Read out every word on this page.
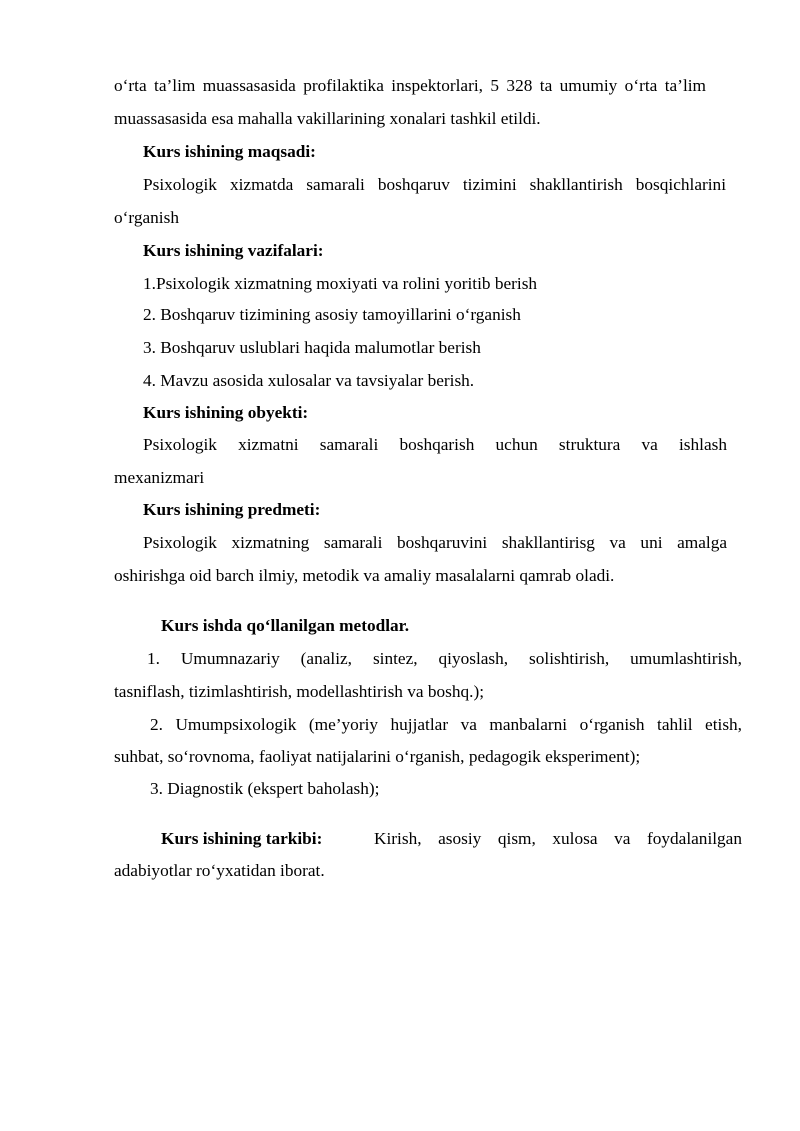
o‘rta ta’lim muassasasida profilaktika inspektorlari, 5 328 ta umumiy o‘rta ta’lim
muassasasida esa mahalla vakillarining xonalari tashkil etildi.
Kurs ishining maqsadi:
Psixologik xizmatda samarali boshqaruv tizimini shakllantirish bosqichlarini
o‘rganish
Kurs ishining vazifalari:
1.Psixologik xizmatning moxiyati va rolini yoritib berish
2. Boshqaruv tizimining asosiy tamoyillarini o‘rganish
3. Boshqaruv uslublari haqida malumotlar berish
4. Mavzu asosida xulosalar va tavsiyalar berish.
Kurs ishining obyekti:
Psixologik xizmatni samarali boshqarish uchun struktura va ishlash
mexanizmari
Kurs ishining predmeti:
Psixologik xizmatning samarali boshqaruvini shakllantirisg va uni amalga
oshirishga oid barch ilmiy, metodik va amaliy masalalarni qamrab oladi.
Kurs ishda qo‘llanilgan metodlar.
1. Umumnazariy (analiz, sintez, qiyoslash, solishtirish, umumlashtirish,
tasniflash, tizimlashtirish, modellashtirish va boshq.);
2. Umumpsixologik (me’yoriy hujjatlar va manbalarni o‘rganish tahlil etish,
suhbat, so‘rovnoma, faoliyat natijalarini o‘rganish, pedagogik eksperiment);
3. Diagnostik (ekspert baholash);
Kurs ishining tarkibi:	Kirish, asosiy qism, xulosa va foydalanilgan
adabiyotlar ro‘yxatidan iborat.
